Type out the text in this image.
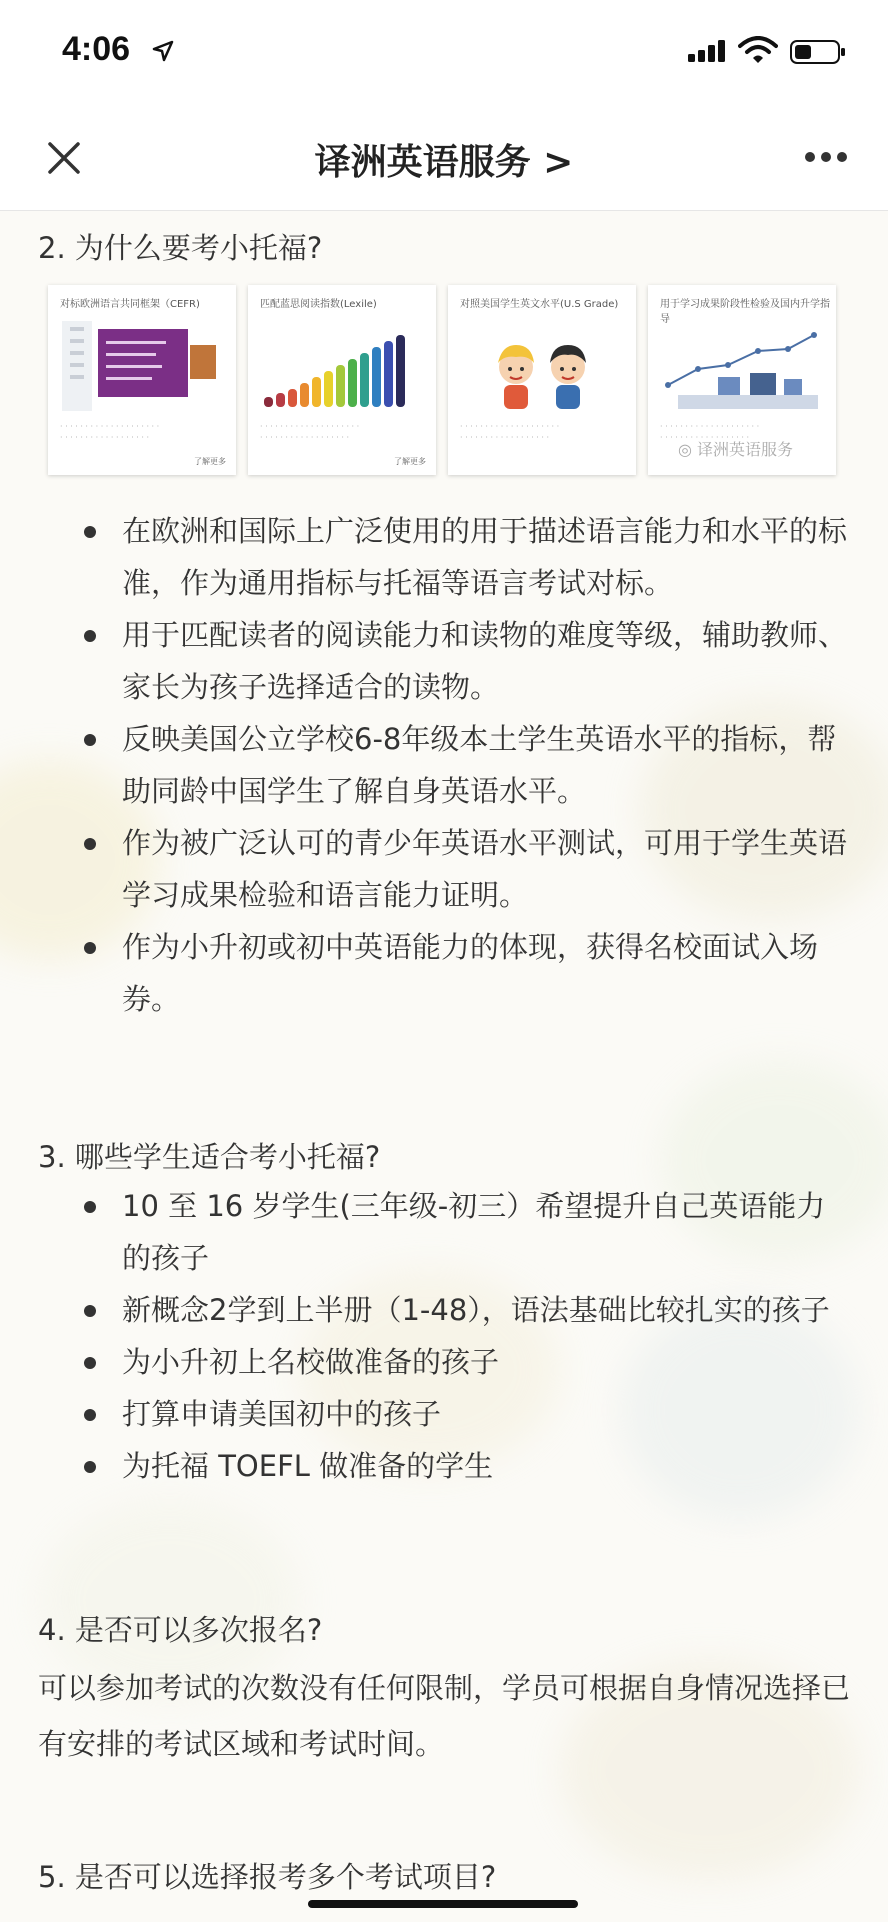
4:06
译洲英语服务 >
2. 为什么要考小托福?
对标欧洲语言共同框架（CEFR)
· · · · · · · · · · · · · · · · · · · ·
· · · · · · · · · · · · · · · · · ·
了解更多
匹配蓝思阅读指数(Lexile)
· · · · · · · · · · · · · · · · · · · ·
· · · · · · · · · · · · · · · · · ·
了解更多
对照美国学生英文水平(U.S Grade)
· · · · · · · · · · · · · · · · · · · ·
· · · · · · · · · · · · · · · · · ·
用于学习成果阶段性检验及国内升学指导
· · · · · · · · · · · · · · · · · · · ·
· · · · · · · · · · · · · · · · · ·
◎ 译洲英语服务
在欧洲和国际上广泛使用的用于描述语言能力和水平的标准，作为通用指标与托福等语言考试对标。
用于匹配读者的阅读能力和读物的难度等级，辅助教师、家长为孩子选择适合的读物。
反映美国公立学校6-8年级本土学生英语水平的指标，帮助同龄中国学生了解自身英语水平。
作为被广泛认可的青少年英语水平测试，可用于学生英语学习成果检验和语言能力证明。
作为小升初或初中英语能力的体现，获得名校面试入场券。
3. 哪些学生适合考小托福?
10 至 16 岁学生(三年级-初三）希望提升自己英语能力的孩子
新概念2学到上半册（1-48），语法基础比较扎实的孩子
为小升初上名校做准备的孩子
打算申请美国初中的孩子
为托福 TOEFL 做准备的学生
4. 是否可以多次报名?
可以参加考试的次数没有任何限制，学员可根据自身情况选择已有安排的考试区域和考试时间。
5. 是否可以选择报考多个考试项目?
